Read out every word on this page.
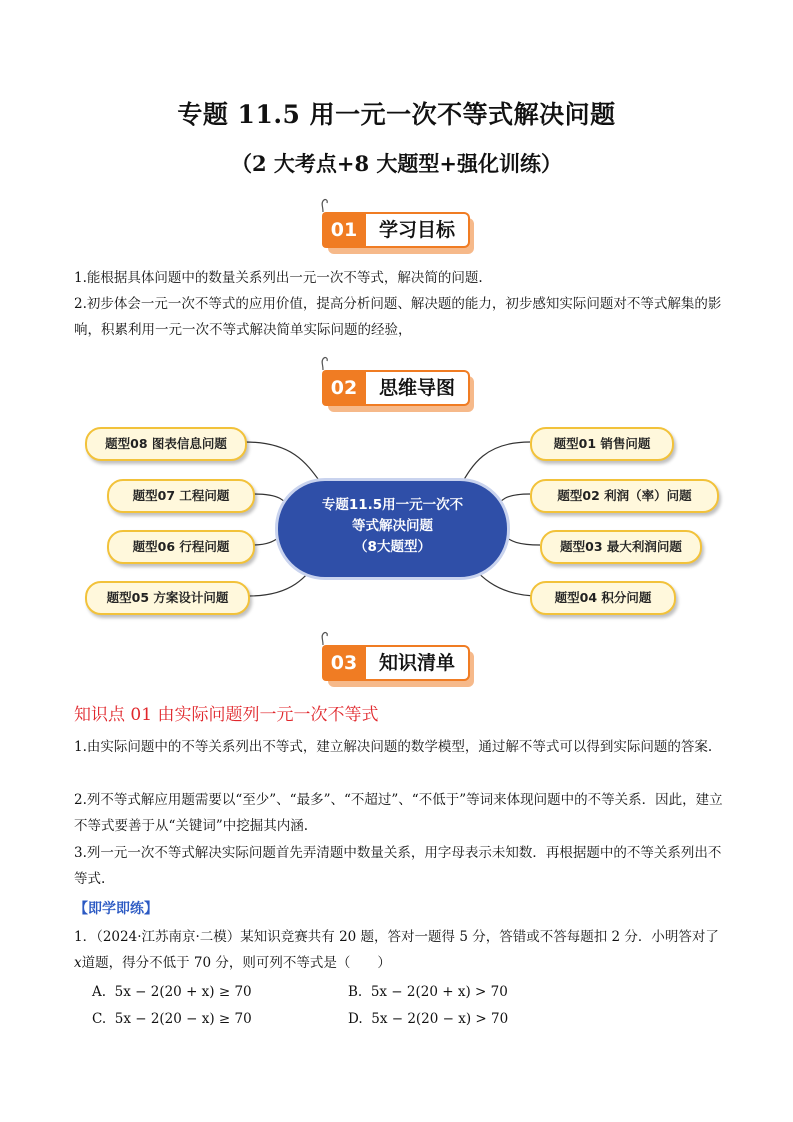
专题 11.5 用一元一次不等式解决问题
（2 大考点+8 大题型+强化训练）
01	学习目标
1.能根据具体问题中的数量关系列出一元一次不等式，解决简的问题.
2.初步体会一元一次不等式的应用价值，提高分析问题、解决题的能力，初步感知实际问题对不等式解集的影响，积累利用一元一次不等式解决简单实际问题的经验，
02	思维导图
题型08 图表信息问题
题型07 工程问题
题型06 行程问题
题型05 方案设计问题
专题11.5用一元一次不
等式解决问题
（8大题型）
题型01 销售问题
题型02 利润（率）问题
题型03 最大利润问题
题型04 积分问题
03	知识清单
知识点 01 由实际问题列一元一次不等式
1.由实际问题中的不等关系列出不等式，建立解决问题的数学模型，通过解不等式可以得到实际问题的答案.
2.列不等式解应用题需要以“至少”、“最多”、“不超过”、“不低于”等词来体现问题中的不等关系．因此，建立不等式要善于从“关键词”中挖掘其内涵.
3.列一元一次不等式解决实际问题首先弄清题中数量关系，用字母表示未知数．再根据题中的不等关系列出不等式.
【即学即练】
1．（2024·江苏南京·二模）某知识竞赛共有 20 题，答对一题得 5 分，答错或不答每题扣 2 分．小明答对了x道题，得分不低于 70 分，则可列不等式是（　　）
A. 5x − 2(20 + x) ≥ 70	B. 5x − 2(20 + x) > 70
C. 5x − 2(20 − x) ≥ 70	D. 5x − 2(20 − x) > 70
